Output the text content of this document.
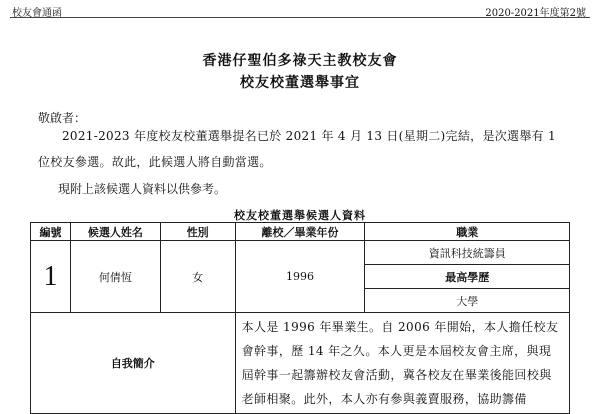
校友會通函	2020-2021年度第2號
香港仔聖伯多祿天主教校友會
校友校董選舉事宜
敬啟者：
2021-2023 年度校友校董選舉提名已於 2021 年 4 月 13 日(星期二)完結，是次選舉有 1 位校友參選。故此，此候選人將自動當選。
現附上該候選人資料以供參考。
校友校董選舉候選人資料
編號	候選人姓名	性別	離校／畢業年份	職業
1	何倩恆	女	1996	資訊科技統籌員
				最高學歷
				大學
自我簡介			本人是 1996 年畢業生。自 2006 年開始，本人擔任校友會幹事，歷 14 年之久。本人更是本屆校友會主席，與現屆幹事一起籌辦校友會活動，冀各校友在畢業後能回校與老師相聚。此外，本人亦有參與義賣服務，協助籌備	
